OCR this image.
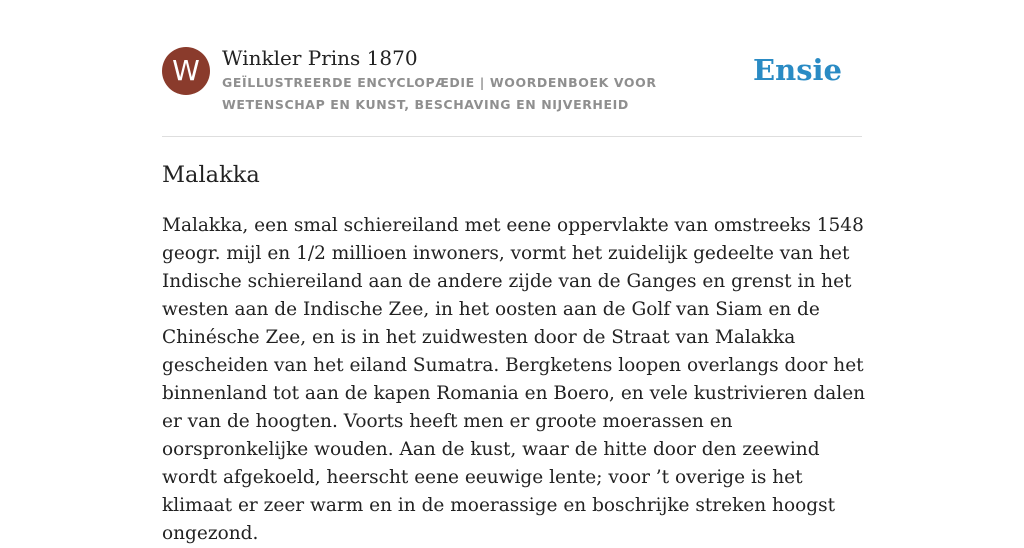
W	Winkler Prins 1870
GEÏLLUSTREERDE ENCYCLOPÆDIE | WOORDENBOEK VOOR WETENSCHAP EN KUNST, BESCHAVING EN NIJVERHEID
Ensie
Malakka

Malakka, een smal schiereiland met eene oppervlakte van omstreeks 1548 geogr. mijl en 1/2 millioen inwoners, vormt het zuidelijk gedeelte van het Indische schiereiland aan de andere zijde van de Ganges en grenst in het westen aan de Indische Zee, in het oosten aan de Golf van Siam en de Chinésche Zee, en is in het zuidwesten door de Straat van Malakka gescheiden van het eiland Sumatra. Bergketens loopen overlangs door het binnenland tot aan de kapen Romania en Boero, en vele kustrivieren dalen er van de hoogten. Voorts heeft men er groote moerassen en oorspronkelijke wouden. Aan de kust, waar de hitte door den zeewind wordt afgekoeld, heerscht eene eeuwige lente; voor ’t overige is het klimaat er zeer warm en in de moerassige en boschrijke streken hoogst ongezond.
